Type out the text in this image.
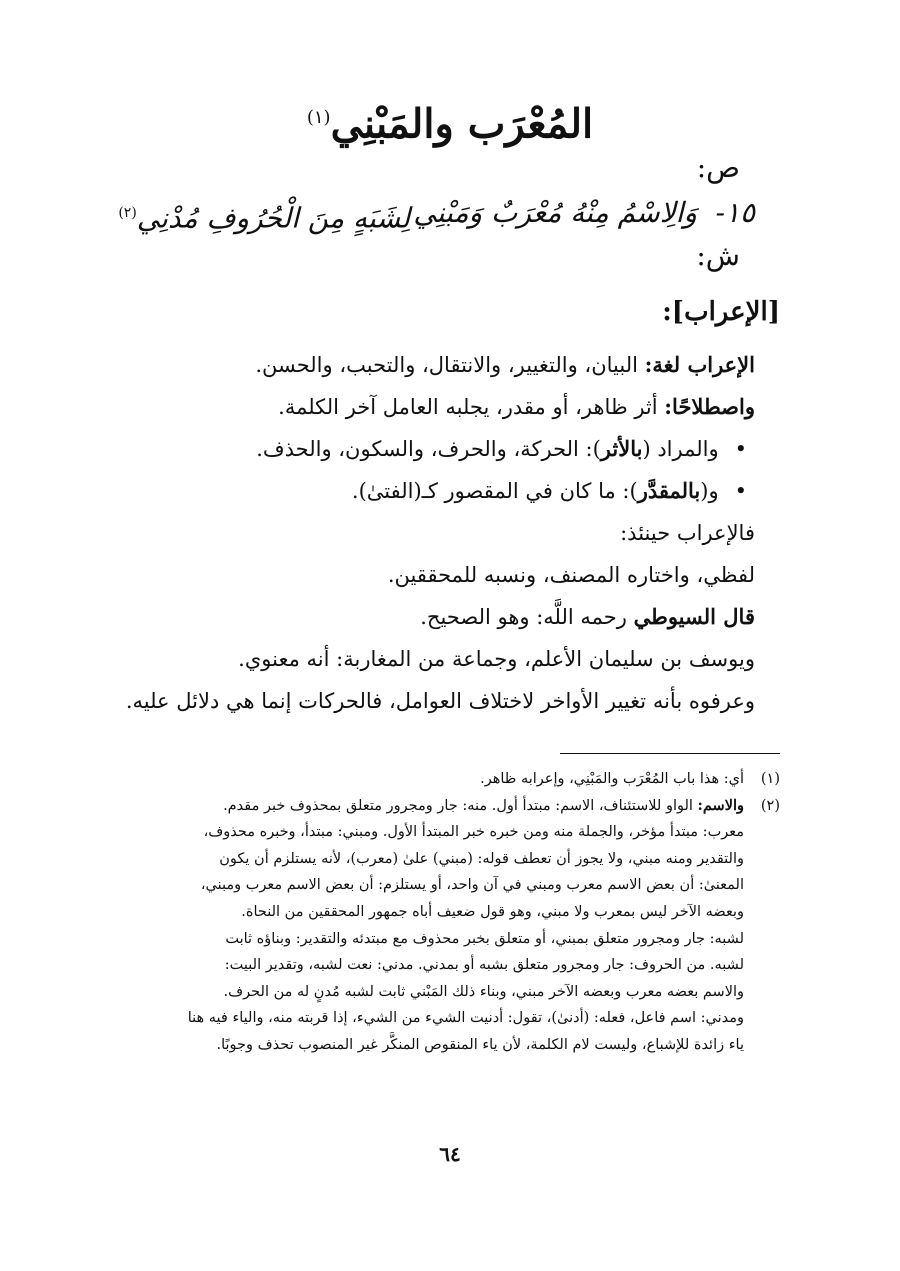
المُعْرَب والمَبْنِي$^{(١)}$
ص:
١٥-
وَالِاسْمُ مِنْهُ مُعْرَبٌ وَمَبْنِي
لِشَبَهٍ مِنَ الْحُرُوفِ مُدْنِي$^{(٢)}$
ش:
[الإعراب]:

الإعراب لغة: البيان، والتغيير، والانتقال، والتحبب، والحسن.

واصطلاحًا: أثر ظاهر، أو مقدر، يجلبه العامل آخر الكلمة.

• والمراد (بالأثر): الحركة، والحرف، والسكون، والحذف.

• و(بالمقدَّر): ما كان في المقصور كـ(الفتىٰ).

فالإعراب حينئذ:

لفظي، واختاره المصنف، ونسبه للمحققين.

قال السيوطي رحمه اللَّه: وهو الصحيح.

ويوسف بن سليمان الأعلم، وجماعة من المغاربة: أنه معنوي.

وعرفوه بأنه تغيير الأواخر لاختلاف العوامل، فالحركات إنما هي دلائل عليه.

(١)
أي: هذا باب المُعْرَب والمَبْنِي، وإعرابه ظاهر.

(٢)
والاسم: الواو للاستئناف، الاسم: مبتدأ أول. منه: جار ومجرور متعلق بمحذوف خبر مقدم.

معرب: مبتدأ مؤخر، والجملة منه ومن خبره خبر المبتدأ الأول. ومبني: مبتدأ، وخبره محذوف،

والتقدير ومنه مبني، ولا يجوز أن تعطف قوله: (مبني) علىٰ (معرب)، لأنه يستلزم أن يكون

المعنىٰ: أن بعض الاسم معرب ومبني في آن واحد، أو يستلزم: أن بعض الاسم معرب ومبني،

وبعضه الآخر ليس بمعرب ولا مبني، وهو قول ضعيف أباه جمهور المحققين من النحاة.

لشبه: جار ومجرور متعلق بمبني، أو متعلق بخبر محذوف مع مبتدئه والتقدير: وبناؤه ثابت

لشبه. من الحروف: جار ومجرور متعلق بشبه أو بمدني. مدني: نعت لشبه، وتقدير البيت:

والاسم بعضه معرب وبعضه الآخر مبني، وبناء ذلك المَبْني ثابت لشبه مُدنٍ له من الحرف.

ومدني: اسم فاعل، فعله: (أدنىٰ)، تقول: أدنيت الشيء من الشيء، إذا قربته منه، والياء فيه هنا

ياء زائدة للإشباع، وليست لام الكلمة، لأن ياء المنقوص المنكَّر غير المنصوب تحذف وجوبًا.

٦٤
